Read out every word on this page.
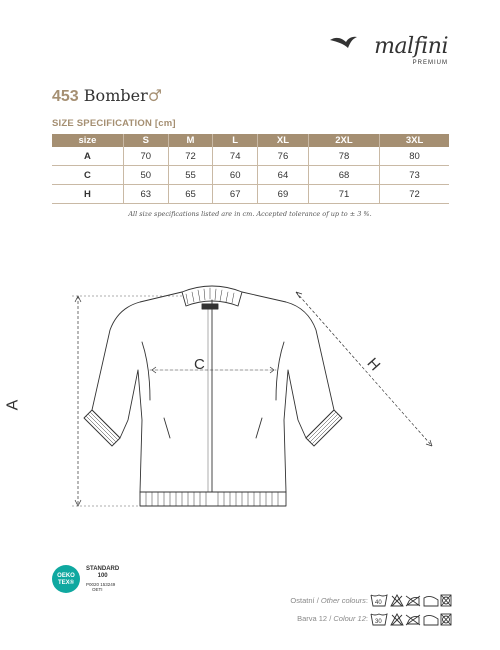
malfini
PREMIUM
453 Bomber♂
SIZE SPECIFICATION [cm]
size	S	M	L	XL	2XL	3XL
A	70	72	74	76	78	80
C	50	55	60	64	68	73
H	63	65	67	69	71	72
All size specifications listed are in cm. Accepted tolerance of up to ± 3 %.
A
C	H
OEKO
TEX®
STANDARD
100
P0020 153249
OETI
Ostatní / Other colours:
Barva 12 / Colour 12:
40
30
